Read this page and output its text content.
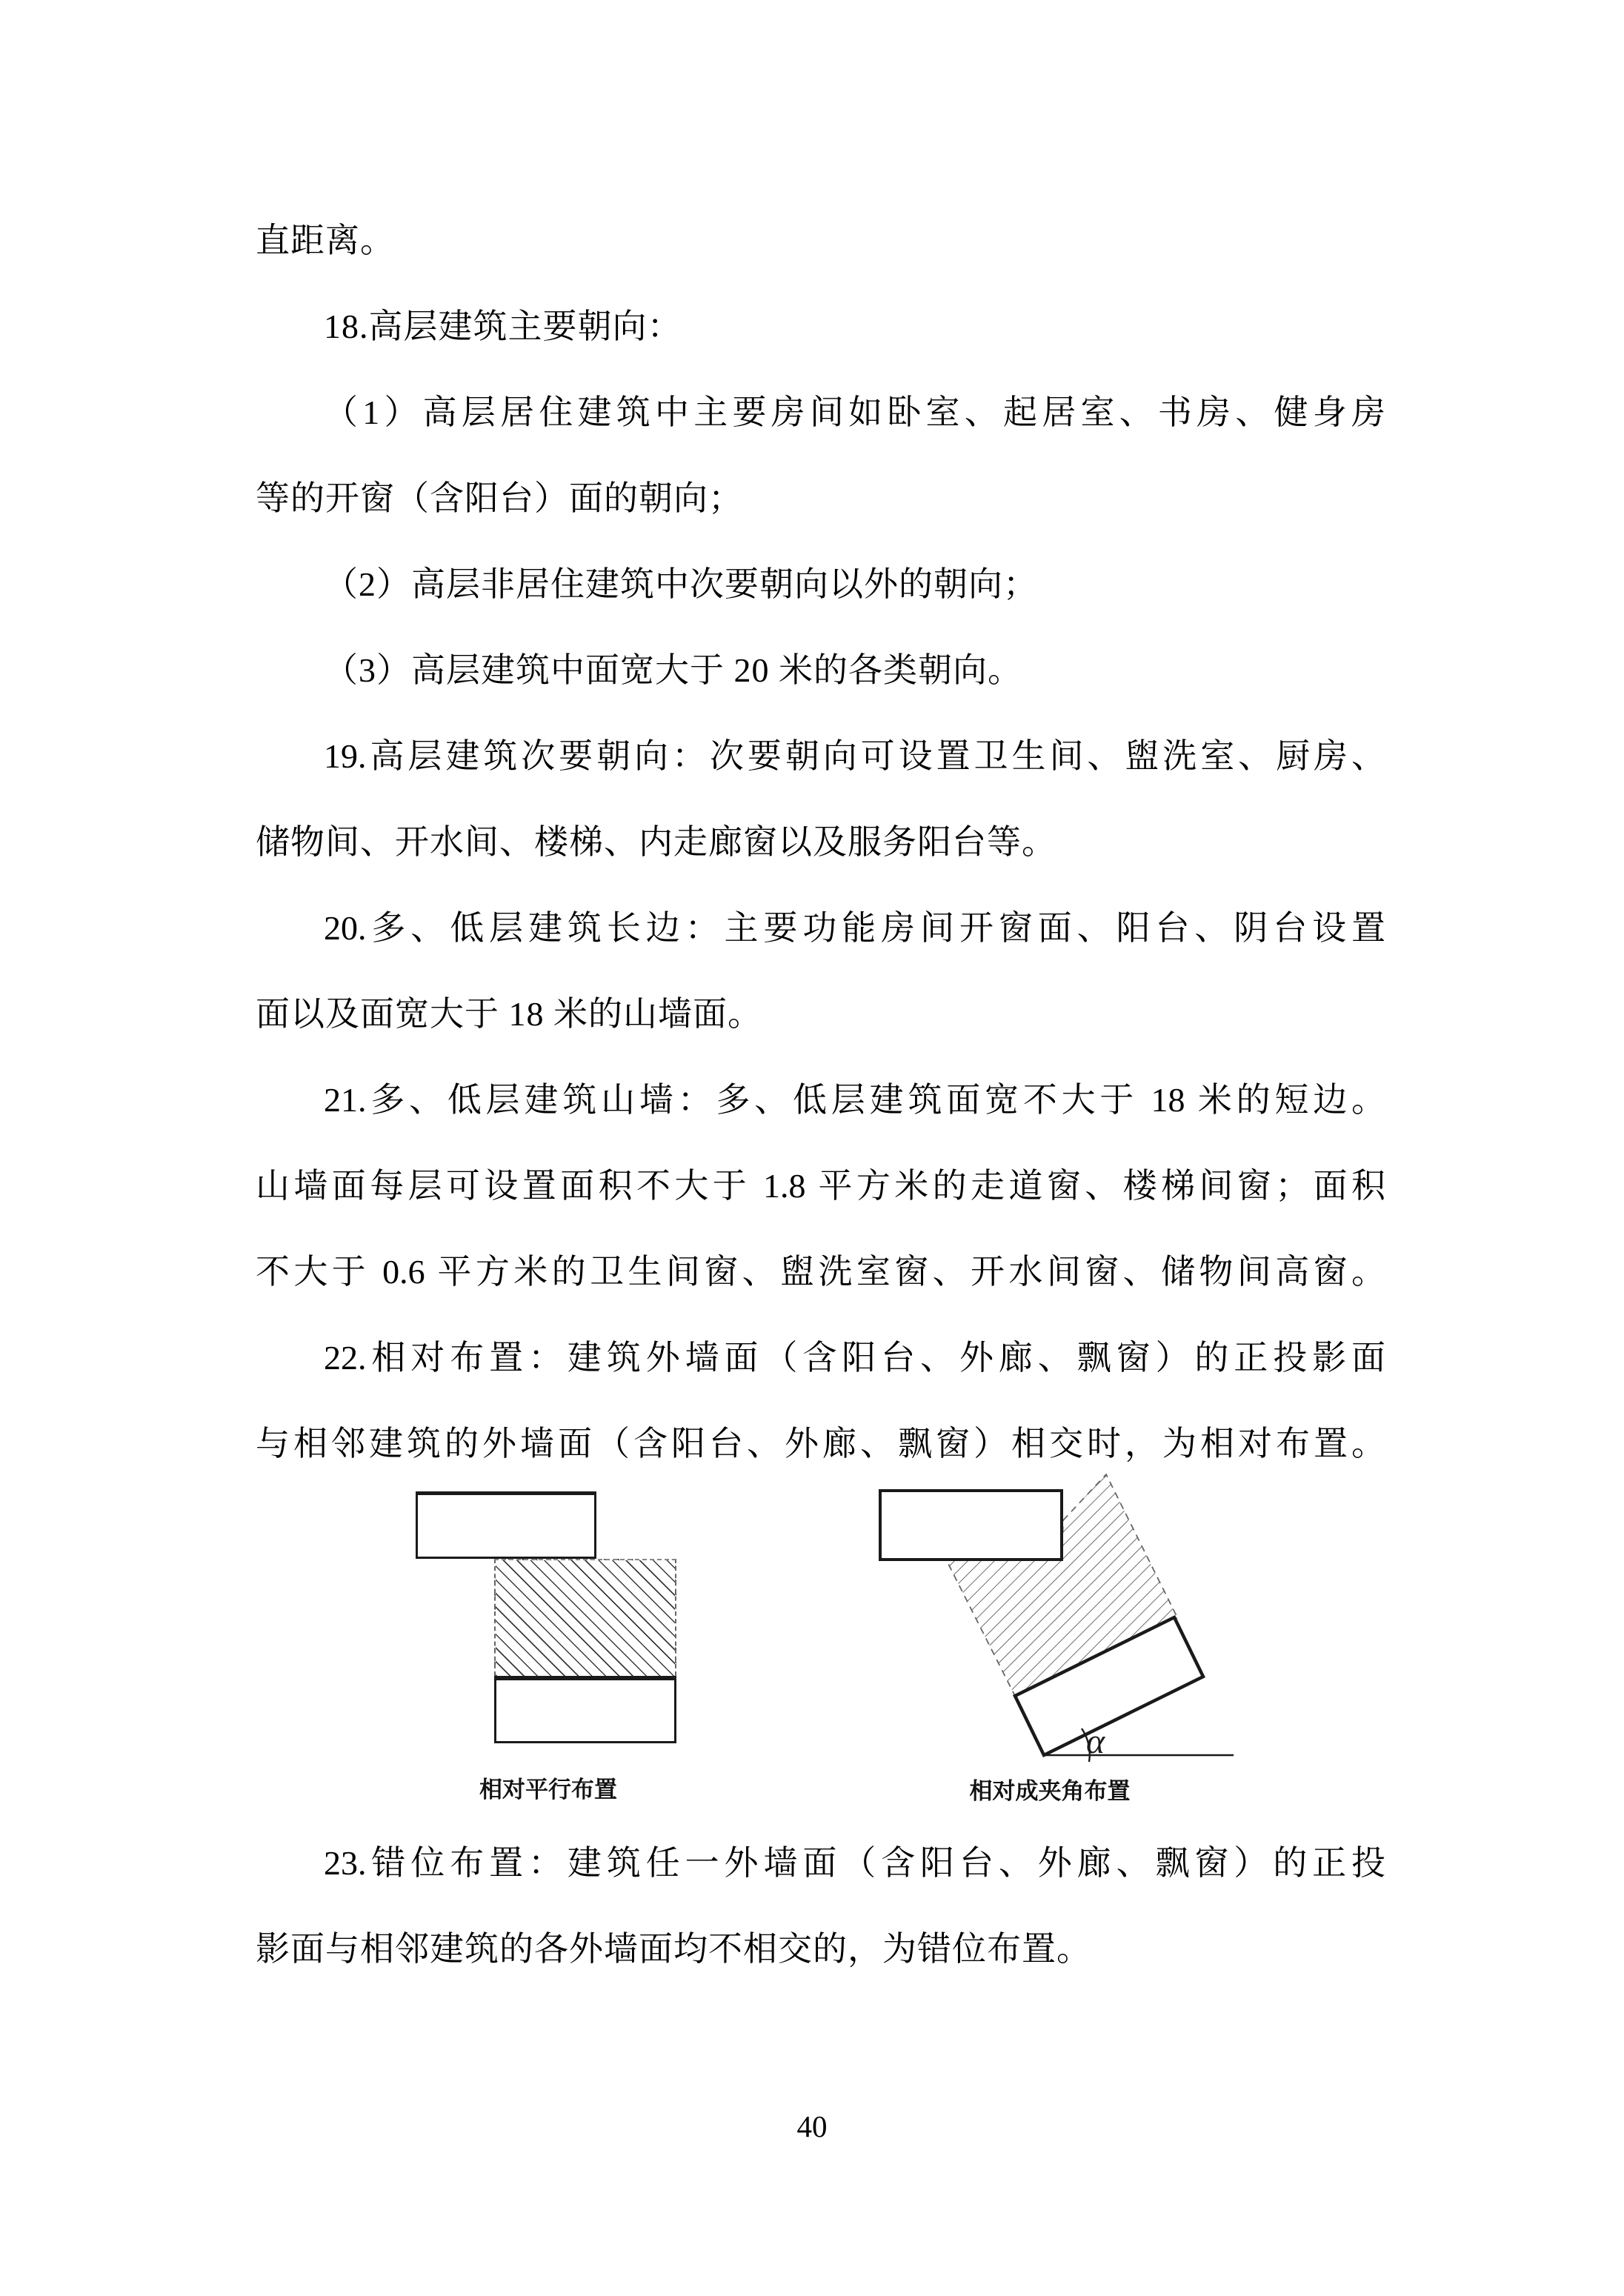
直距离。
18.高层建筑主要朝向：
（1）高层居住建筑中主要房间如卧室、起居室、书房、健身房
等的开窗（含阳台）面的朝向；
（2）高层非居住建筑中次要朝向以外的朝向；
（3）高层建筑中面宽大于 20 米的各类朝向。
19.高层建筑次要朝向：次要朝向可设置卫生间、盥洗室、厨房、
储物间、开水间、楼梯、内走廊窗以及服务阳台等。
20.多、低层建筑长边：主要功能房间开窗面、阳台、阴台设置
面以及面宽大于 18 米的山墙面。
21.多、低层建筑山墙：多、低层建筑面宽不大于 18 米的短边。
山墙面每层可设置面积不大于 1.8 平方米的走道窗、楼梯间窗；面积
不大于 0.6 平方米的卫生间窗、盥洗室窗、开水间窗、储物间高窗。
22.相对布置：建筑外墙面（含阳台、外廊、飘窗）的正投影面
与相邻建筑的外墙面（含阳台、外廊、飘窗）相交时，为相对布置。
相对平行布置
α
相对成夹角布置
23.错位布置：建筑任一外墙面（含阳台、外廊、飘窗）的正投
影面与相邻建筑的各外墙面均不相交的，为错位布置。
40
